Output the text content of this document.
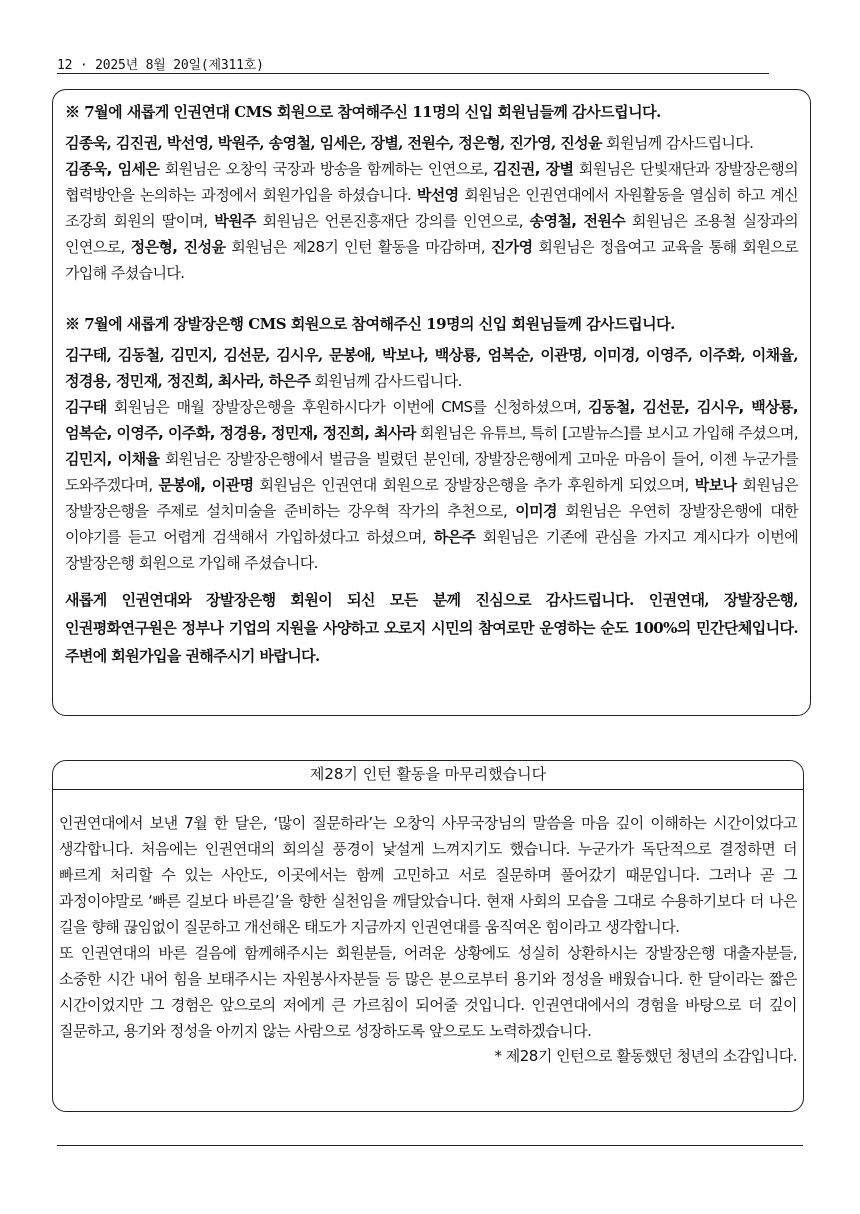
12 · 2025년 8월 20일(제311호)
※ 7월에 새롭게 인권연대 CMS 회원으로 참여해주신 11명의 신입 회원님들께 감사드립니다.

김종욱, 김진권, 박선영, 박원주, 송영철, 임세은, 장별, 전원수, 정은형, 진가영, 진성윤 회원님께 감사드립니다.

김종욱, 임세은 회원님은 오창익 국장과 방송을 함께하는 인연으로, 김진권, 장별 회원님은 단빛재단과 장발장은행의 협력방안을 논의하는 과정에서 회원가입을 하셨습니다. 박선영 회원님은 인권연대에서 자원활동을 열심히 하고 계신 조강희 회원의 딸이며, 박원주 회원님은 언론진흥재단 강의를 인연으로, 송영철, 전원수 회원님은 조용철 실장과의 인연으로, 정은형, 진성윤 회원님은 제28기 인턴 활동을 마감하며, 진가영 회원님은 정읍여고 교육을 통해 회원으로 가입해 주셨습니다.

※ 7월에 새롭게 장발장은행 CMS 회원으로 참여해주신 19명의 신입 회원님들께 감사드립니다.

김구태, 김동철, 김민지, 김선문, 김시우, 문봉애, 박보나, 백상룡, 엄복순, 이관명, 이미경, 이영주, 이주화, 이채율, 정경용, 정민재, 정진희, 최사라, 하은주 회원님께 감사드립니다.

김구태 회원님은 매월 장발장은행을 후원하시다가 이번에 CMS를 신청하셨으며, 김동철, 김선문, 김시우, 백상룡, 엄복순, 이영주, 이주화, 정경용, 정민재, 정진희, 최사라 회원님은 유튜브, 특히 [고발뉴스]를 보시고 가입해 주셨으며, 김민지, 이채율 회원님은 장발장은행에서 벌금을 빌렸던 분인데, 장발장은행에게 고마운 마음이 들어, 이젠 누군가를 도와주겠다며, 문봉애, 이관명 회원님은 인권연대 회원으로 장발장은행을 추가 후원하게 되었으며, 박보나 회원님은 장발장은행을 주제로 설치미술을 준비하는 강우혁 작가의 추천으로, 이미경 회원님은 우연히 장발장은행에 대한 이야기를 듣고 어렵게 검색해서 가입하셨다고 하셨으며, 하은주 회원님은 기존에 관심을 가지고 계시다가 이번에 장발장은행 회원으로 가입해 주셨습니다.

새롭게 인권연대와 장발장은행 회원이 되신 모든 분께 진심으로 감사드립니다. 인권연대, 장발장은행, 인권평화연구원은 정부나 기업의 지원을 사양하고 오로지 시민의 참여로만 운영하는 순도 100%의 민간단체입니다. 주변에 회원가입을 권해주시기 바랍니다.

제28기 인턴 활동을 마무리했습니다

인권연대에서 보낸 7월 한 달은, ‘많이 질문하라’는 오창익 사무국장님의 말씀을 마음 깊이 이해하는 시간이었다고 생각합니다. 처음에는 인권연대의 회의실 풍경이 낯설게 느껴지기도 했습니다. 누군가가 독단적으로 결정하면 더 빠르게 처리할 수 있는 사안도, 이곳에서는 함께 고민하고 서로 질문하며 풀어갔기 때문입니다. 그러나 곧 그 과정이야말로 ‘빠른 길보다 바른길’을 향한 실천임을 깨달았습니다. 현재 사회의 모습을 그대로 수용하기보다 더 나은 길을 향해 끊임없이 질문하고 개선해온 태도가 지금까지 인권연대를 움직여온 힘이라고 생각합니다.

또 인권연대의 바른 걸음에 함께해주시는 회원분들, 어려운 상황에도 성실히 상환하시는 장발장은행 대출자분들, 소중한 시간 내어 힘을 보태주시는 자원봉사자분들 등 많은 분으로부터 용기와 정성을 배웠습니다. 한 달이라는 짧은 시간이었지만 그 경험은 앞으로의 저에게 큰 가르침이 되어줄 것입니다. 인권연대에서의 경험을 바탕으로 더 깊이 질문하고, 용기와 정성을 아끼지 않는 사람으로 성장하도록 앞으로도 노력하겠습니다.

* 제28기 인턴으로 활동했던 청년의 소감입니다.
